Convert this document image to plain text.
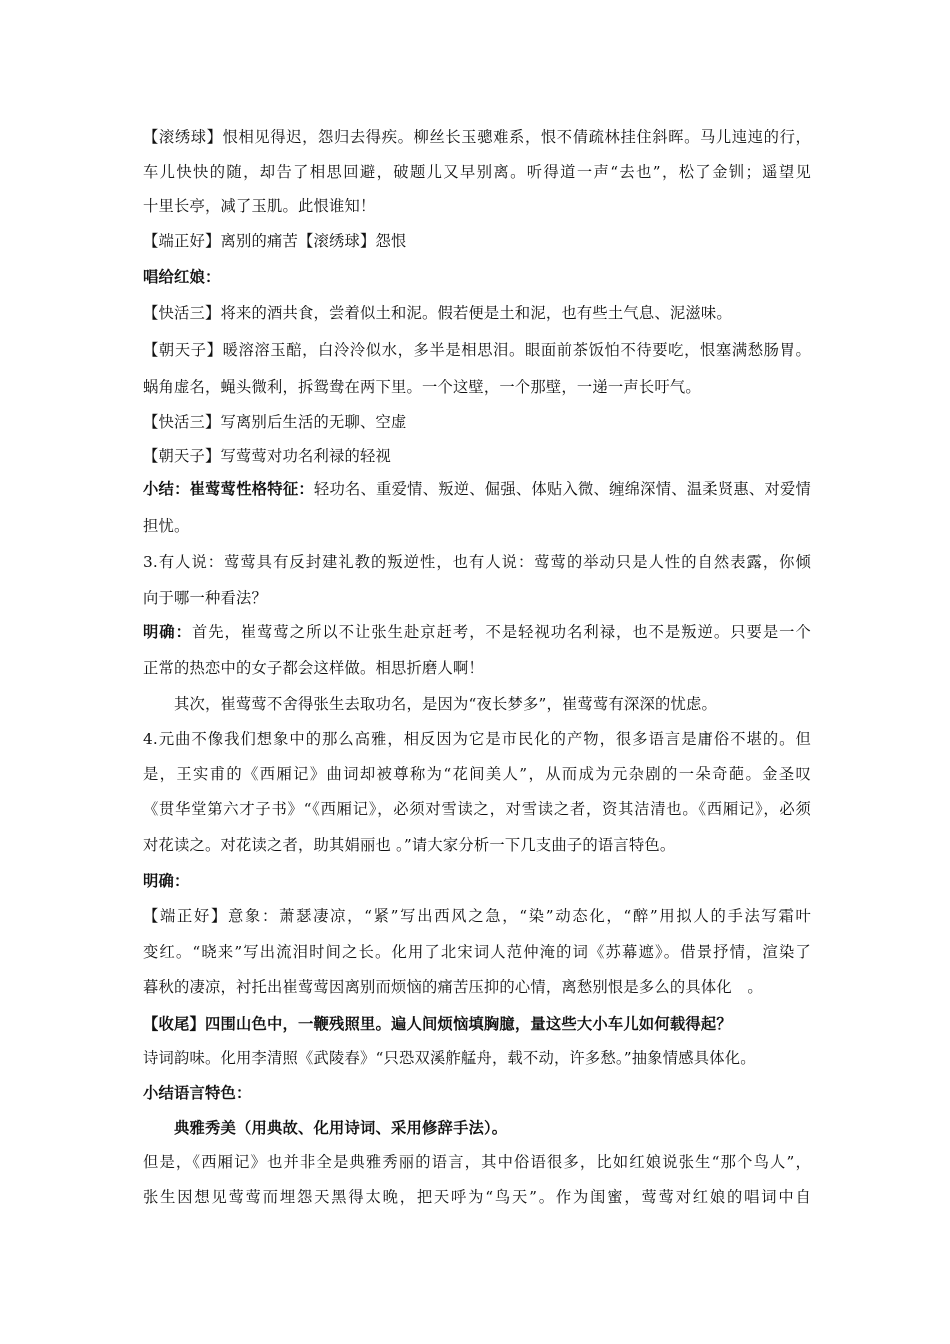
【滚绣球】恨相见得迟，怨归去得疾。柳丝长玉骢难系，恨不倩疏林挂住斜晖。马儿迍迍的行，
车儿快快的随，却告了相思回避，破题儿又早别离。听得道一声“去也”，松了金钏；遥望见
十里长亭，减了玉肌。此恨谁知！
【端正好】离别的痛苦【滚绣球】怨恨
唱给红娘：
【快活三】将来的酒共食，尝着似土和泥。假若便是土和泥，也有些土气息、泥滋味。
【朝天子】暖溶溶玉醅，白泠泠似水，多半是相思泪。眼面前茶饭怕不待要吃，恨塞满愁肠胃。
蜗角虚名，蝇头微利，拆鸳鸯在两下里。一个这壁，一个那壁，一递一声长吁气。
【快活三】写离别后生活的无聊、空虚
【朝天子】写莺莺对功名利禄的轻视
小结：崔莺莺性格特征：轻功名、重爱情、叛逆、倔强、体贴入微、缠绵深情、温柔贤惠、对爱情
担忧。
3.有人说：莺莺具有反封建礼教的叛逆性，也有人说：莺莺的举动只是人性的自然表露，你倾
向于哪一种看法？
明确：首先，崔莺莺之所以不让张生赴京赶考，不是轻视功名利禄，也不是叛逆。只要是一个
正常的热恋中的女子都会这样做。相思折磨人啊！
其次，崔莺莺不舍得张生去取功名，是因为“夜长梦多”，崔莺莺有深深的忧虑。
4.元曲不像我们想象中的那么高雅，相反因为它是市民化的产物，很多语言是庸俗不堪的。但
是，王实甫的《西厢记》曲词却被尊称为“花间美人”，从而成为元杂剧的一朵奇葩。金圣叹
《贯华堂第六才子书》“《西厢记》，必须对雪读之，对雪读之者，资其洁清也。《西厢记》，必须
对花读之。对花读之者，助其娟丽也 。”请大家分析一下几支曲子的语言特色。
明确：
【端正好】意象：萧瑟凄凉，“紧”写出西风之急，“染”动态化，“醉”用拟人的手法写霜叶
变红。“晓来”写出流泪时间之长。化用了北宋词人范仲淹的词《苏幕遮》。借景抒情，渲染了
暮秋的凄凉，衬托出崔莺莺因离别而烦恼的痛苦压抑的心情，离愁别恨是多么的具体化　。
【收尾】四围山色中，一鞭残照里。遍人间烦恼填胸臆，量这些大小车儿如何载得起？
诗词韵味。化用李清照《武陵春》“只恐双溪舴艋舟，载不动，许多愁。”抽象情感具体化。
小结语言特色：
典雅秀美（用典故、化用诗词、采用修辞手法）。
但是，《西厢记》也并非全是典雅秀丽的语言，其中俗语很多，比如红娘说张生“那个鸟人”，
张生因想见莺莺而埋怨天黑得太晚，把天呼为“鸟天”。作为闺蜜，莺莺对红娘的唱词中自
